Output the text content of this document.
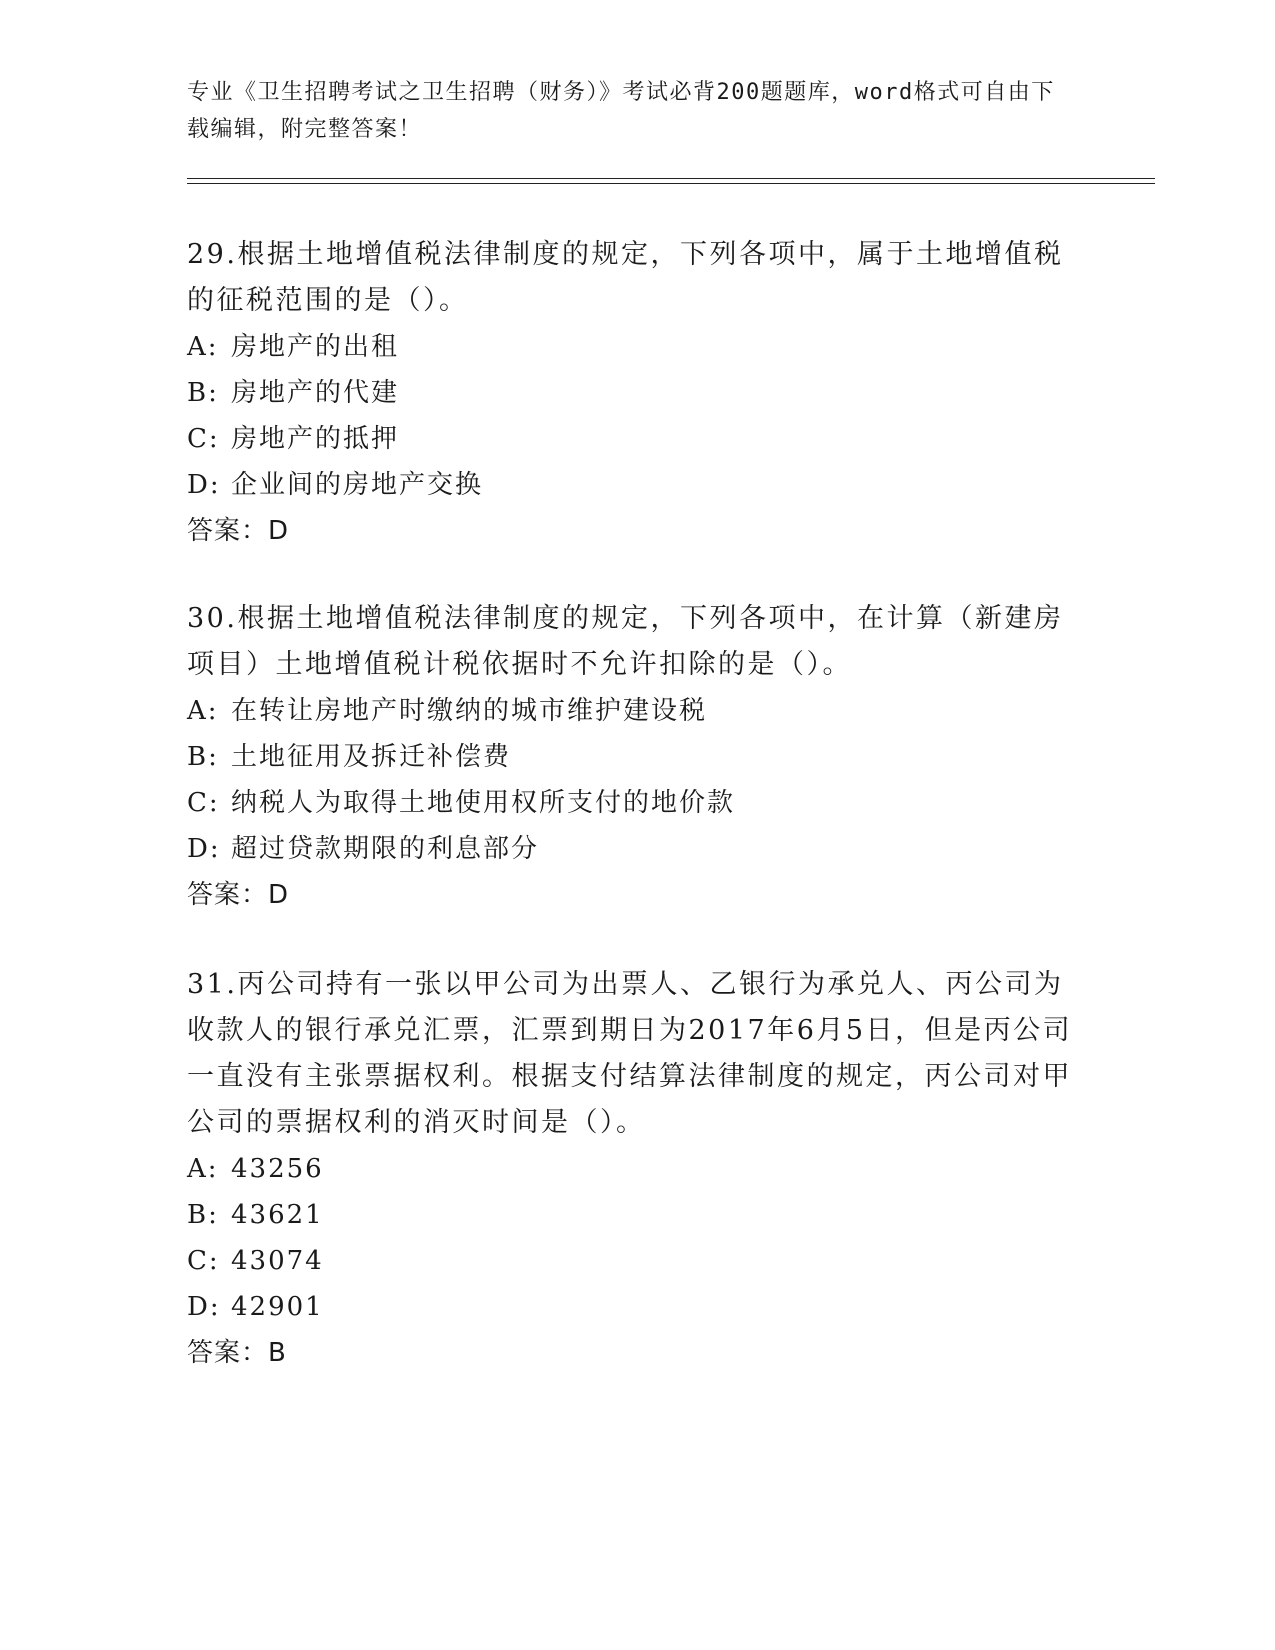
专业《卫生招聘考试之卫生招聘（财务）》考试必背200题题库，word格式可自由下载编辑，附完整答案！

29.根据土地增值税法律制度的规定，下列各项中，属于土地增值税的征税范围的是（）。

A: 房地产的出租

B: 房地产的代建

C: 房地产的抵押

D: 企业间的房地产交换

答案：D

30.根据土地增值税法律制度的规定，下列各项中，在计算（新建房项目）土地增值税计税依据时不允许扣除的是（）。

A: 在转让房地产时缴纳的城市维护建设税

B: 土地征用及拆迁补偿费

C: 纳税人为取得土地使用权所支付的地价款

D: 超过贷款期限的利息部分

答案：D

31.丙公司持有一张以甲公司为出票人、乙银行为承兑人、丙公司为收款人的银行承兑汇票，汇票到期日为2017年6月5日，但是丙公司一直没有主张票据权利。根据支付结算法律制度的规定，丙公司对甲公司的票据权利的消灭时间是（）。

A: 43256

B: 43621

C: 43074

D: 42901

答案：B
